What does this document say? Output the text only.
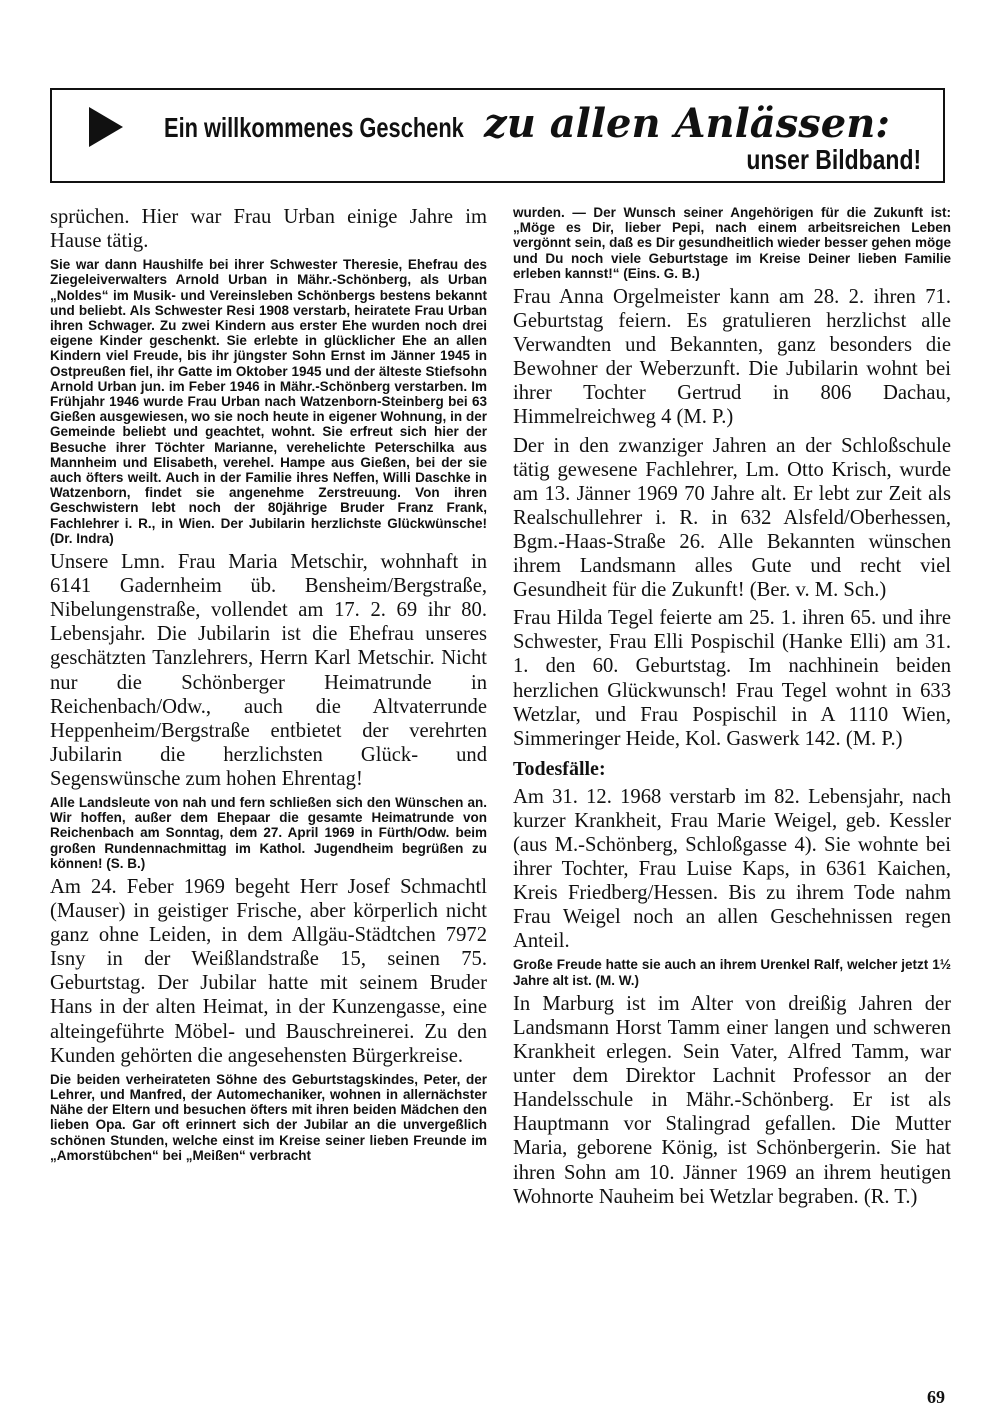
Ein willkommenes Geschenk zu allen Anlässen:
unser Bildband!

sprüchen. Hier war Frau Urban einige Jahre im Hause tätig.

Sie war dann Haushilfe bei ihrer Schwester Theresie, Ehefrau des Ziegeleiverwalters Arnold Urban in Mähr.-Schönberg, als Urban „Noldes“ im Musik- und Vereinsleben Schönbergs bestens bekannt und beliebt. Als Schwester Resi 1908 verstarb, heiratete Frau Urban ihren Schwager. Zu zwei Kindern aus erster Ehe wurden noch drei eigene Kinder geschenkt. Sie erlebte in glücklicher Ehe an allen Kindern viel Freude, bis ihr jüngster Sohn Ernst im Jänner 1945 in Ostpreußen fiel, ihr Gatte im Oktober 1945 und der älteste Stiefsohn Arnold Urban jun. im Feber 1946 in Mähr.-Schönberg verstarben. Im Frühjahr 1946 wurde Frau Urban nach Watzenborn-Steinberg bei 63 Gießen ausgewiesen, wo sie noch heute in eigener Wohnung, in der Gemeinde beliebt und geachtet, wohnt. Sie erfreut sich hier der Besuche ihrer Töchter Marianne, verehelichte Peterschilka aus Mannheim und Elisabeth, verehel. Hampe aus Gießen, bei der sie auch öfters weilt. Auch in der Familie ihres Neffen, Willi Daschke in Watzenborn, findet sie angenehme Zerstreuung. Von ihren Geschwistern lebt noch der 80jährige Bruder Franz Frank, Fachlehrer i. R., in Wien. Der Jubilarin herzlichste Glückwünsche! (Dr. Indra)

Unsere Lmn. Frau Maria Metschir, wohnhaft in 6141 Gadernheim üb. Bensheim/Bergstraße, Nibelungenstraße, vollendet am 17. 2. 69 ihr 80. Lebensjahr. Die Jubilarin ist die Ehefrau unseres geschätzten Tanzlehrers, Herrn Karl Metschir. Nicht nur die Schönberger Heimatrunde in Reichenbach/Odw., auch die Altvaterrunde Heppenheim/Bergstraße entbietet der verehrten Jubilarin die herzlichsten Glück- und Segenswünsche zum hohen Ehrentag!

Alle Landsleute von nah und fern schließen sich den Wünschen an. Wir hoffen, außer dem Ehepaar die gesamte Heimatrunde von Reichenbach am Sonntag, dem 27. April 1969 in Fürth/Odw. beim großen Rundennachmittag im Kathol. Jugendheim begrüßen zu können! (S. B.)

Am 24. Feber 1969 begeht Herr Josef Schmachtl (Mauser) in geistiger Frische, aber körperlich nicht ganz ohne Leiden, in dem Allgäu-Städtchen 7972 Isny in der Weißlandstraße 15, seinen 75. Geburtstag. Der Jubilar hatte mit seinem Bruder Hans in der alten Heimat, in der Kunzengasse, eine alteingeführte Möbel- und Bauschreinerei. Zu den Kunden gehörten die angesehensten Bürgerkreise.

Die beiden verheirateten Söhne des Geburtstagskindes, Peter, der Lehrer, und Manfred, der Automechaniker, wohnen in allernächster Nähe der Eltern und besuchen öfters mit ihren beiden Mädchen den lieben Opa. Gar oft erinnert sich der Jubilar an die unvergeßlich schönen Stunden, welche einst im Kreise seiner lieben Freunde im „Amorstübchen“ bei „Meißen“ verbracht

wurden. — Der Wunsch seiner Angehörigen für die Zukunft ist: „Möge es Dir, lieber Pepi, nach einem arbeitsreichen Leben vergönnt sein, daß es Dir gesundheitlich wieder besser gehen möge und Du noch viele Geburtstage im Kreise Deiner lieben Familie erleben kannst!“ (Eins. G. B.)

Frau Anna Orgelmeister kann am 28. 2. ihren 71. Geburtstag feiern. Es gratulieren herzlichst alle Verwandten und Bekannten, ganz besonders die Bewohner der Weberzunft. Die Jubilarin wohnt bei ihrer Tochter Gertrud in 806 Dachau, Himmelreichweg 4 (M. P.)

Der in den zwanziger Jahren an der Schloßschule tätig gewesene Fachlehrer, Lm. Otto Krisch, wurde am 13. Jänner 1969 70 Jahre alt. Er lebt zur Zeit als Realschullehrer i. R. in 632 Alsfeld/Oberhessen, Bgm.-Haas-Straße 26. Alle Bekannten wünschen ihrem Landsmann alles Gute und recht viel Gesundheit für die Zukunft! (Ber. v. M. Sch.)

Frau Hilda Tegel feierte am 25. 1. ihren 65. und ihre Schwester, Frau Elli Pospischil (Hanke Elli) am 31. 1. den 60. Geburtstag. Im nachhinein beiden herzlichen Glückwunsch! Frau Tegel wohnt in 633 Wetzlar, und Frau Pospischil in A 1110 Wien, Simmeringer Heide, Kol. Gaswerk 142. (M. P.)

Todesfälle:

Am 31. 12. 1968 verstarb im 82. Lebensjahr, nach kurzer Krankheit, Frau Marie Weigel, geb. Kessler (aus M.-Schönberg, Schloßgasse 4). Sie wohnte bei ihrer Tochter, Frau Luise Kaps, in 6361 Kaichen, Kreis Friedberg/Hessen. Bis zu ihrem Tode nahm Frau Weigel noch an allen Geschehnissen regen Anteil.

Große Freude hatte sie auch an ihrem Urenkel Ralf, welcher jetzt 1½ Jahre alt ist. (M. W.)

In Marburg ist im Alter von dreißig Jahren der Landsmann Horst Tamm einer langen und schweren Krankheit erlegen. Sein Vater, Alfred Tamm, war unter dem Direktor Lachnit Professor an der Handelsschule in Mähr.-Schönberg. Er ist als Hauptmann vor Stalingrad gefallen. Die Mutter Maria, geborene König, ist Schönbergerin. Sie hat ihren Sohn am 10. Jänner 1969 an ihrem heutigen Wohnorte Nauheim bei Wetzlar begraben. (R. T.)

69
